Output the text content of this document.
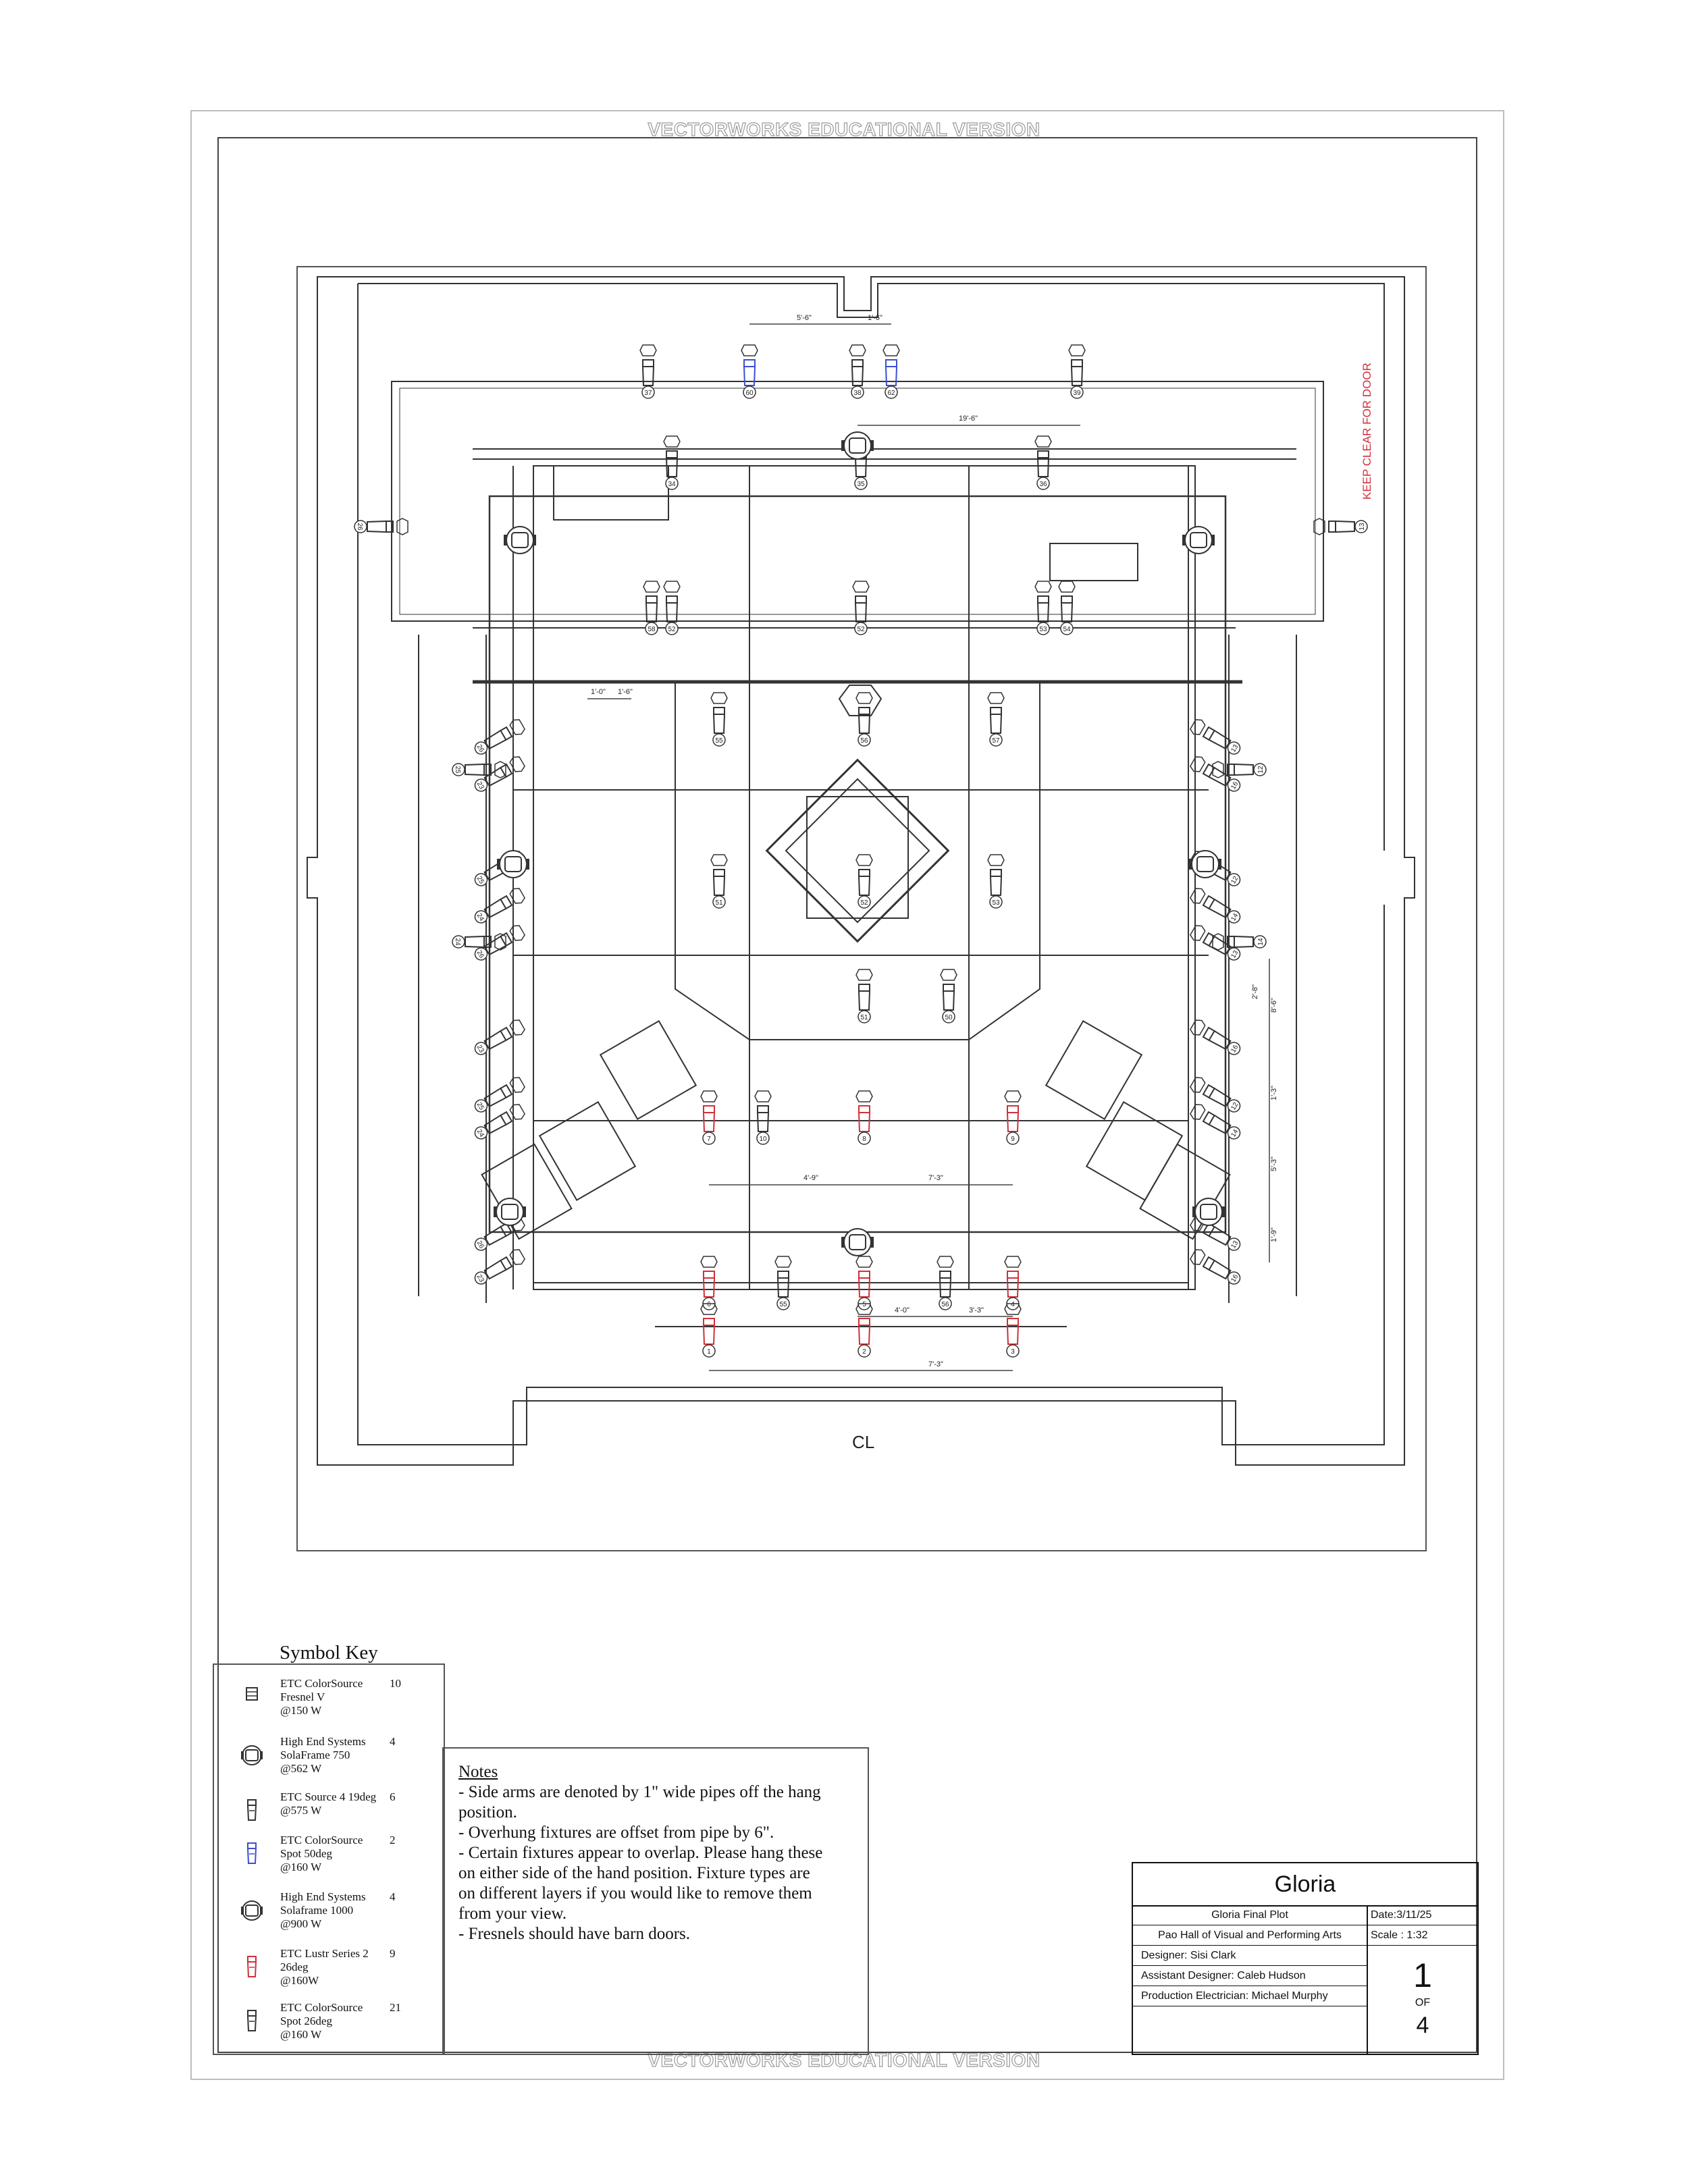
VECTORWORKS EDUCATIONAL VERSION
VECTORWORKS EDUCATIONAL VERSION
5'-6"	1'-6"
19'-6"
1'-0" 1'-6"
4'-9"	7'-3"
4'-0"	3'-3"
7'-3"
2'-8"
8'-6"
1'-3"
5'-3"
1'-9"
KEEP CLEAR FOR DOOR
CL
37	60	38	62	39
34	35	36
58 52	52	53 54
55	56	57
51	52	53
51	50
7	10	8	9
6	55	5	56	4
1	2	3
26
23
25
24
26
23
25
24
26
23
13
16
12
14
13
16
12
14
13
16
26	13
25	12
24	14
Symbol Key
ETC ColorSource
Fresnel V
@150 W
10
High End Systems
SolaFrame 750
@562 W
4
ETC Source 4 19deg
@575 W
6
ETC ColorSource
Spot 50deg
@160 W
2
High End Systems
Solaframe 1000
@900 W
4
ETC Lustr Series 2
26deg
@160W
9
ETC ColorSource
Spot 26deg
@160 W
21
Notes
- Side arms are denoted by 1" wide pipes off the hang
position.
- Overhung fixtures are offset from pipe by 6".
- Certain fixtures appear to overlap. Please hang these
on either side of the hand position. Fixture types are
on different layers if you would like to remove them
from your view.
- Fresnels should have barn doors.
Gloria
Gloria Final Plot	Date:3/11/25
Pao Hall of Visual and Performing Arts	Scale : 1:32
Designer: Sisi Clark
Assistant Designer: Caleb Hudson
Production Electrician: Michael Murphy
1
OF
4
